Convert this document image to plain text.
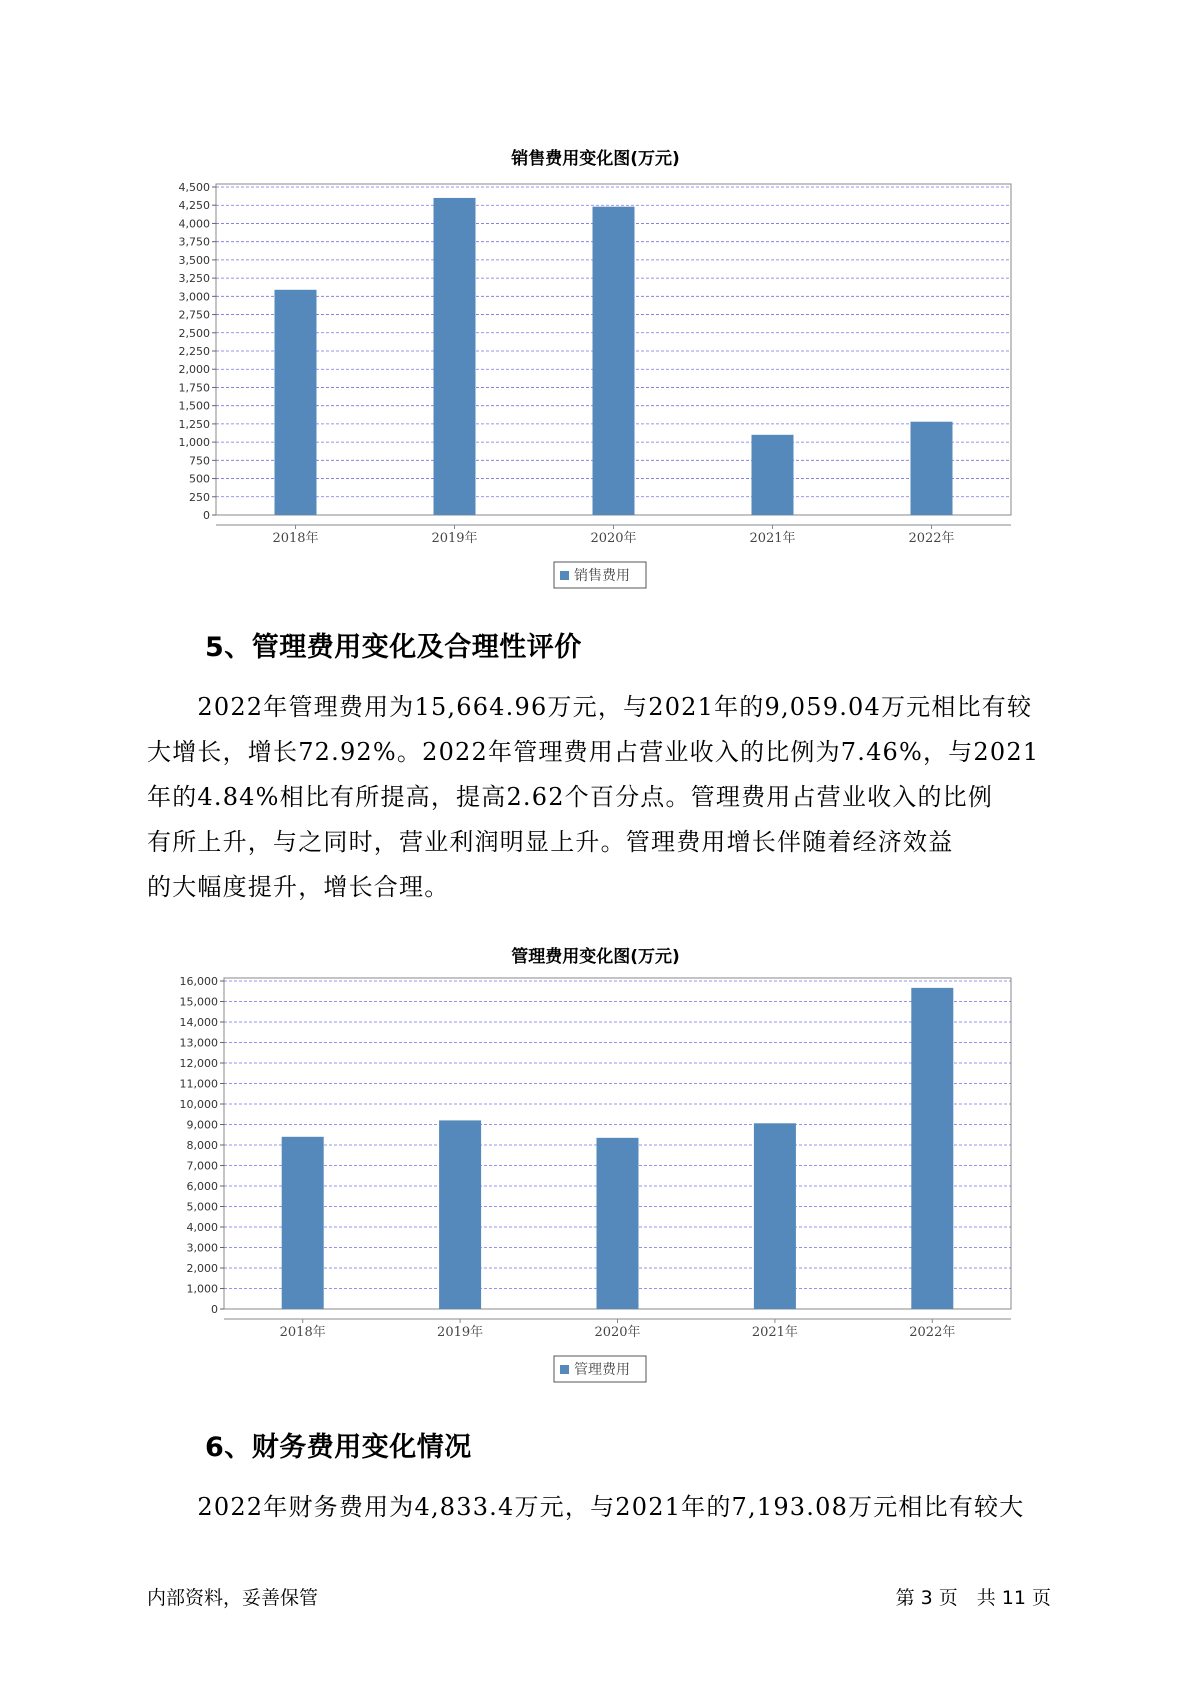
销售费用变化图(万元)
0
250
500
750
1,000
1,250
1,500
1,750
2,000
2,250
2,500
2,750
3,000
3,250
3,500
3,750
4,000
4,250
4,500
2018年	2019年	2020年	2021年	2022年
销售费用
5、管理费用变化及合理性评价
　　2022年管理费用为15,664.96万元，与2021年的9,059.04万元相比有较
大增长，增长72.92%。2022年管理费用占营业收入的比例为7.46%，与2021
年的4.84%相比有所提高，提高2.62个百分点。管理费用占营业收入的比例
有所上升，与之同时，营业利润明显上升。管理费用增长伴随着经济效益
的大幅度提升，增长合理。
管理费用变化图(万元)
0
1,000
2,000
3,000
4,000
5,000
6,000
7,000
8,000
9,000
10,000
11,000
12,000
13,000
14,000
15,000
16,000
2018年	2019年	2020年	2021年	2022年
管理费用
6、财务费用变化情况
　　2022年财务费用为4,833.4万元，与2021年的7,193.08万元相比有较大
内部资料，妥善保管	第 3 页　共 11 页
